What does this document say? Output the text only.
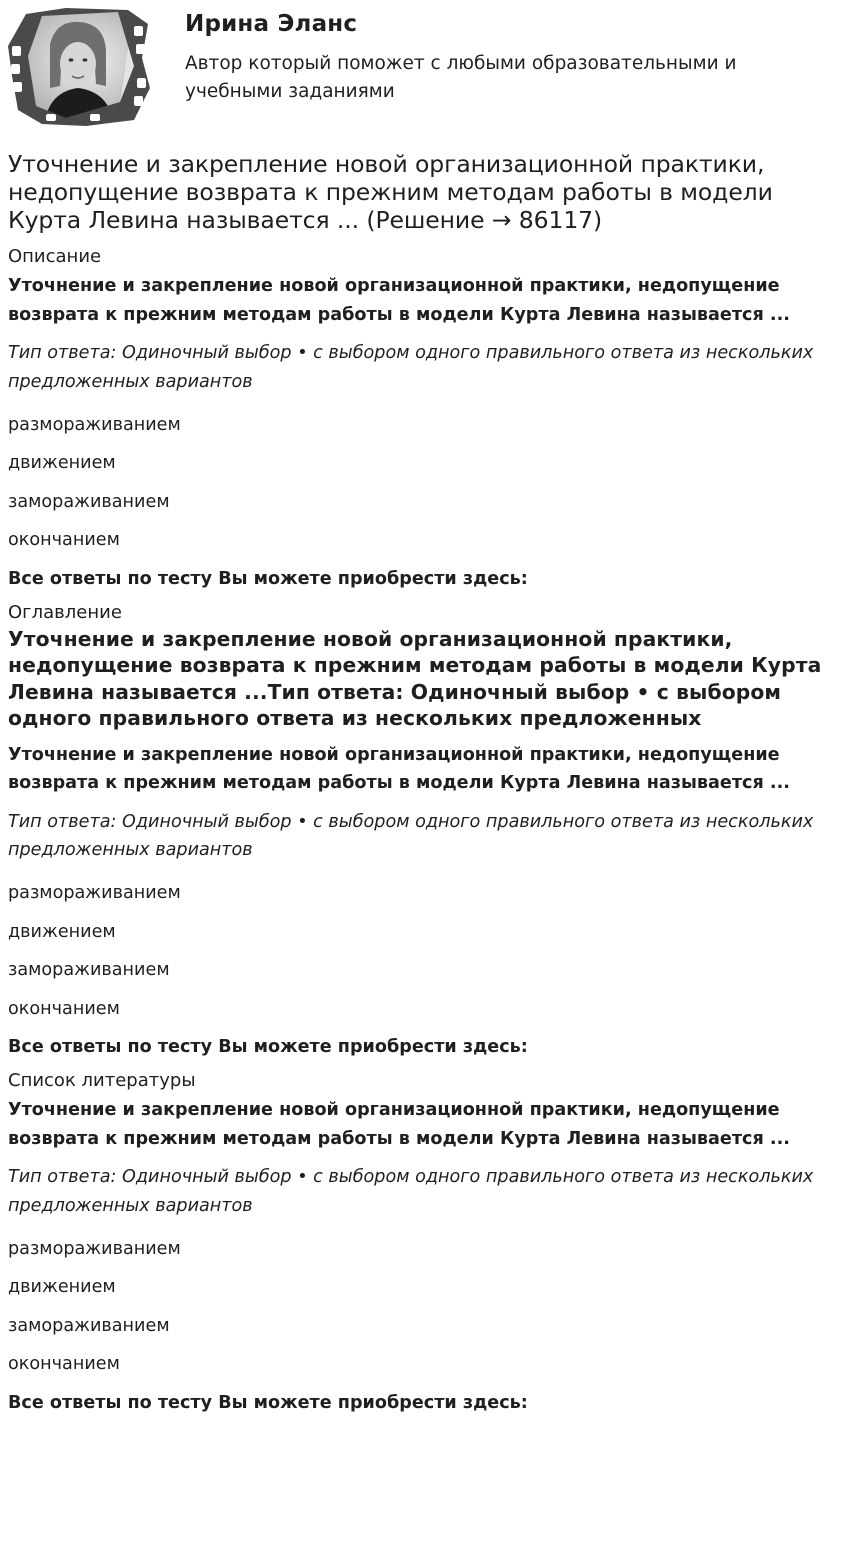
Ирина Эланс
Автор который поможет с любыми образовательными и учебными заданиями
Уточнение и закрепление новой организационной практики, недопущение возврата к прежним методам работы в модели Курта Левина называется ... (Решение → 86117)
Описание
Уточнение и закрепление новой организационной практики, недопущение возврата к прежним методам работы в модели Курта Левина называется ...
Тип ответа: Одиночный выбор • с выбором одного правильного ответа из нескольких предложенных вариантов
размораживанием
движением
замораживанием
окончанием
Все ответы по тесту Вы можете приобрести здесь:
Оглавление
Уточнение и закрепление новой организационной практики, недопущение возврата к прежним методам работы в модели Курта Левина называется ...Тип ответа: Одиночный выбор • с выбором одного правильного ответа из нескольких предложенных
Уточнение и закрепление новой организационной практики, недопущение возврата к прежним методам работы в модели Курта Левина называется ...
Тип ответа: Одиночный выбор • с выбором одного правильного ответа из нескольких предложенных вариантов
размораживанием
движением
замораживанием
окончанием
Все ответы по тесту Вы можете приобрести здесь:
Список литературы
Уточнение и закрепление новой организационной практики, недопущение возврата к прежним методам работы в модели Курта Левина называется ...
Тип ответа: Одиночный выбор • с выбором одного правильного ответа из нескольких предложенных вариантов
размораживанием
движением
замораживанием
окончанием
Все ответы по тесту Вы можете приобрести здесь:
